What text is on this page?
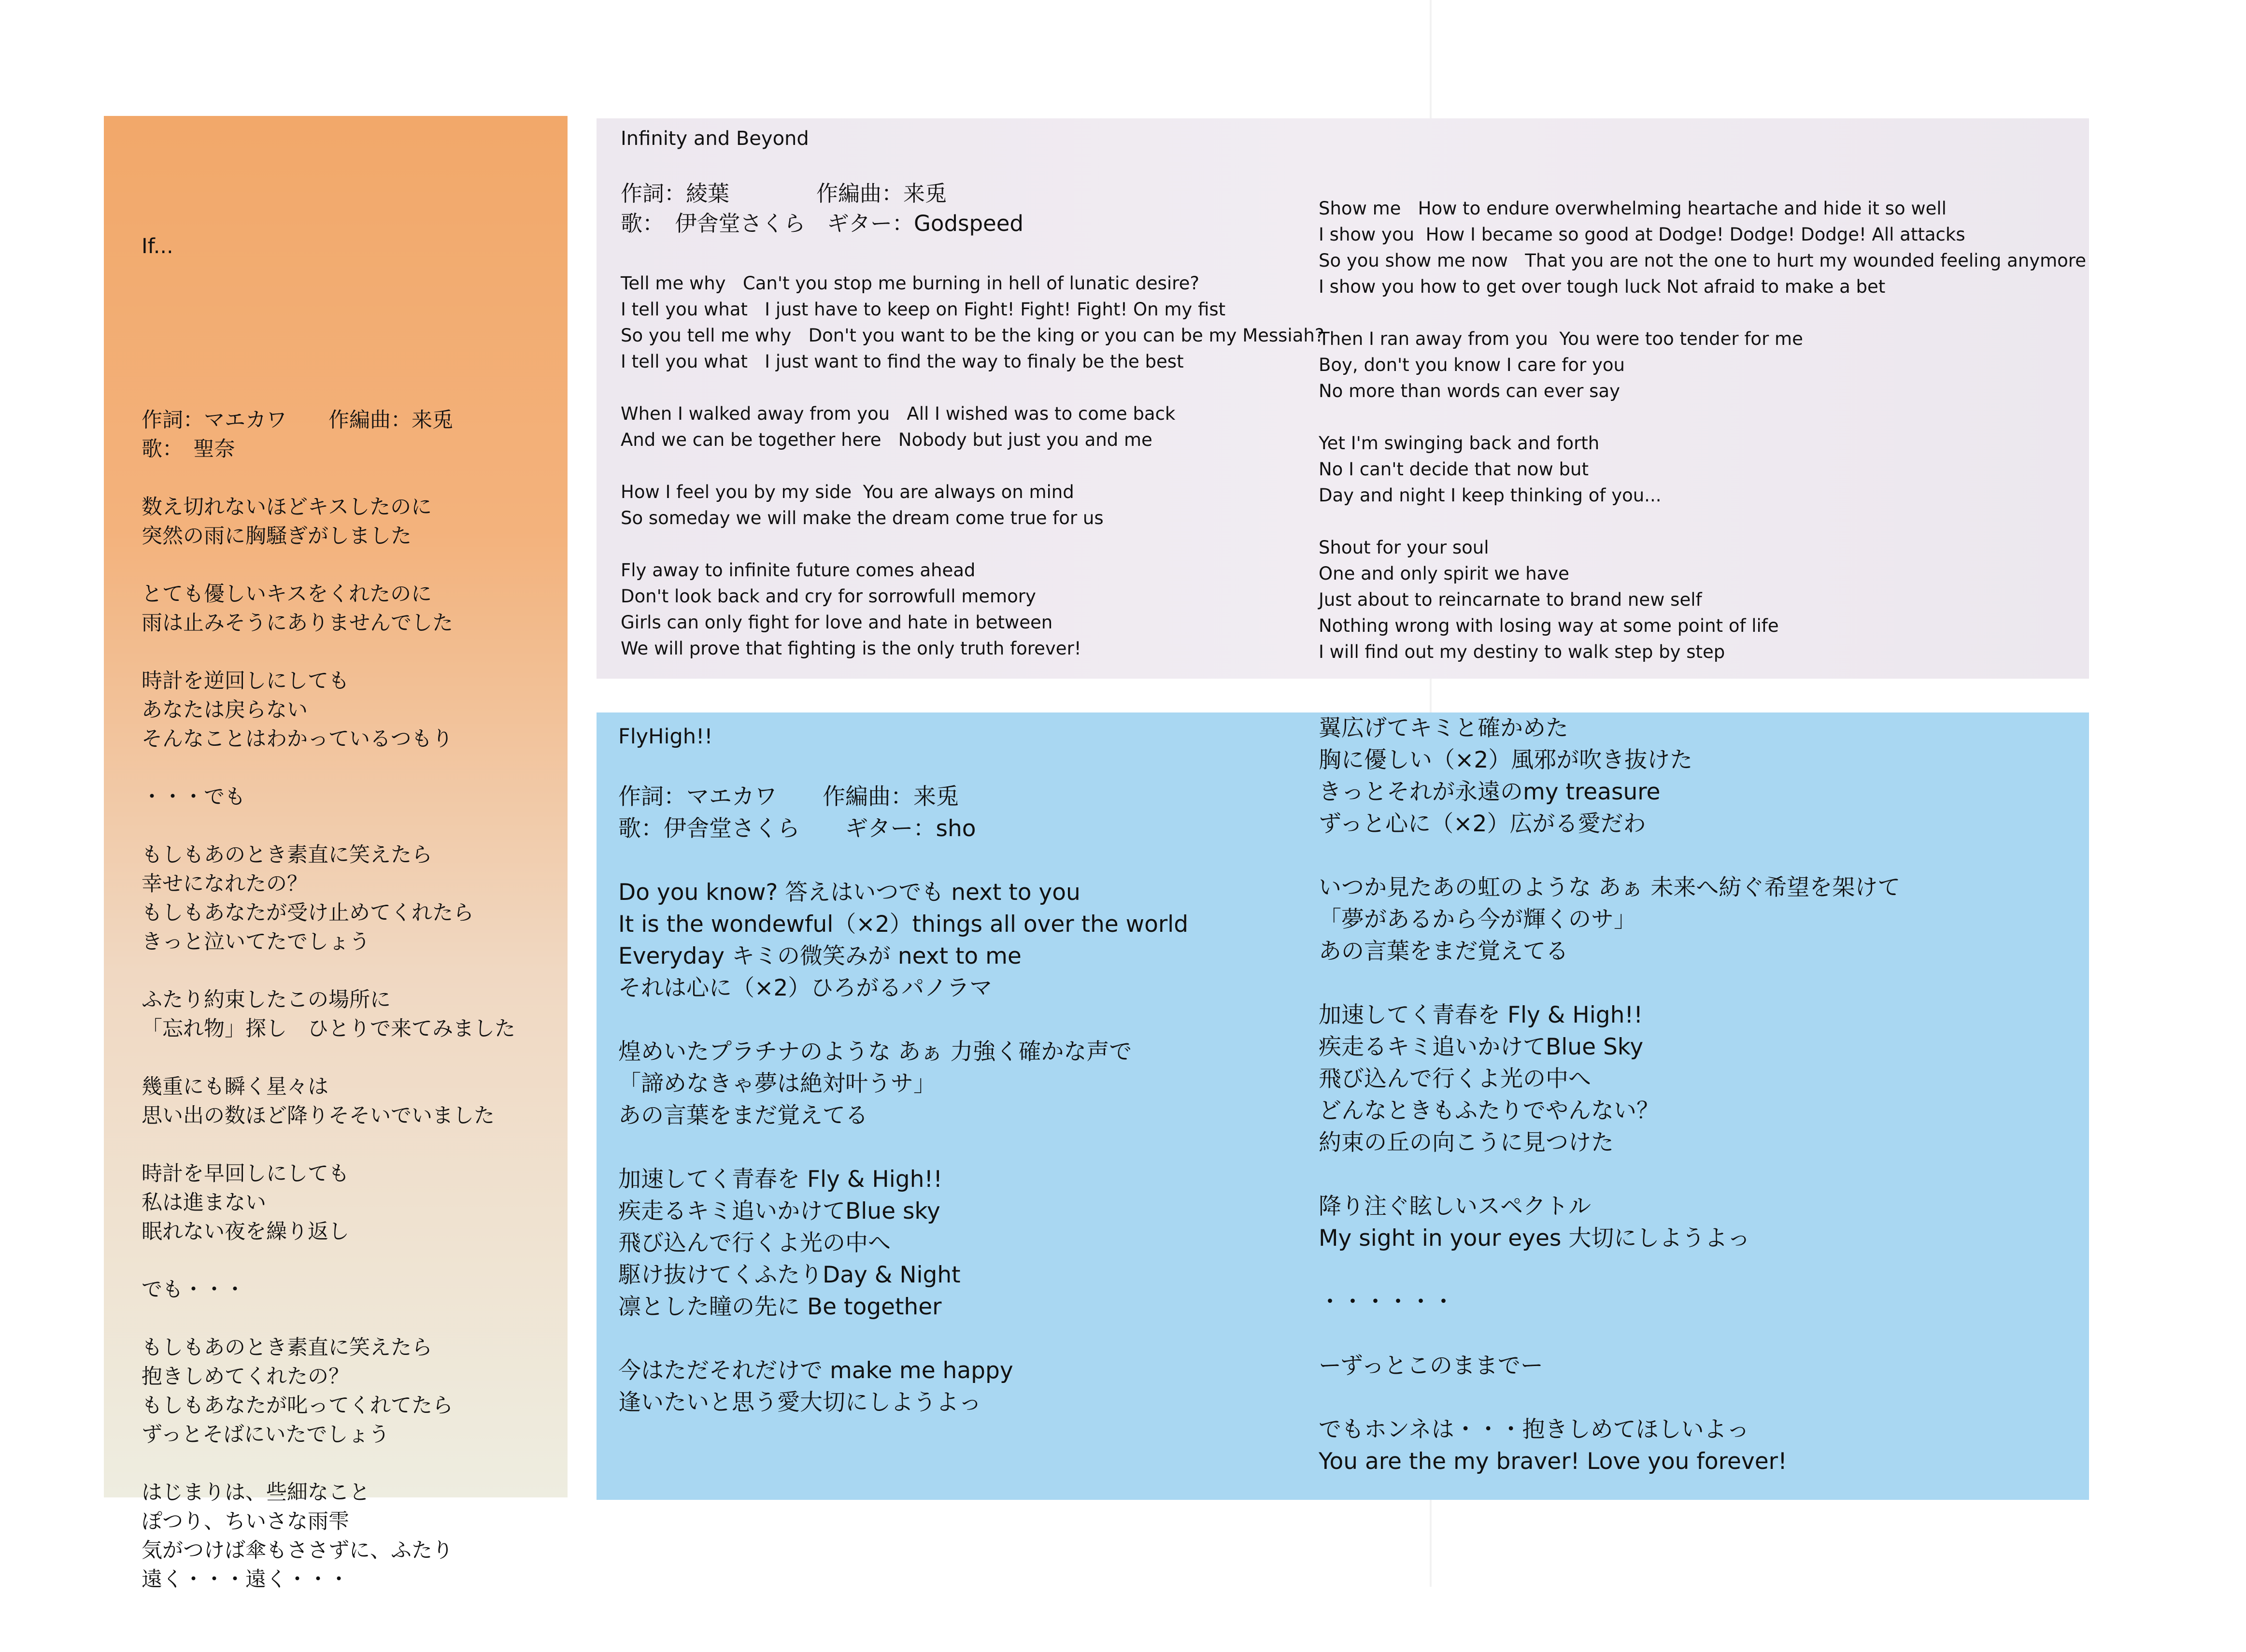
If...

作詞：マエカワ　　作編曲：来兎
歌：　聖奈

数え切れないほどキスしたのに
突然の雨に胸騒ぎがしました

とても優しいキスをくれたのに
雨は止みそうにありませんでした

時計を逆回しにしても
あなたは戻らない
そんなことはわかっているつもり

・・・でも

もしもあのとき素直に笑えたら
幸せになれたの？
もしもあなたが受け止めてくれたら
きっと泣いてたでしょう

ふたり約束したこの場所に
「忘れ物」探し　ひとりで来てみました

幾重にも瞬く星々は
思い出の数ほど降りそそいでいました

時計を早回しにしても
私は進まない
眠れない夜を繰り返し

でも・・・

もしもあのとき素直に笑えたら
抱きしめてくれたの？
もしもあなたが叱ってくれてたら
ずっとそばにいたでしょう

はじまりは、些細なこと
ぽつり、ちいさな雨雫
気がつけば傘もささずに、ふたり
遠く・・・遠く・・・

Infinity and Beyond
作詞：綾葉　　　　作編曲：来兎
歌：　伊舎堂さくら　ギター：Godspeed
Tell me why   Can't you stop me burning in hell of lunatic desire?
I tell you what   I just have to keep on Fight! Fight! Fight! On my fist
So you tell me why   Don't you want to be the king or you can be my Messiah?
I tell you what   I just want to find the way to finaly be the best

When I walked away from you   All I wished was to come back
And we can be together here   Nobody but just you and me

How I feel you by my side  You are always on mind
So someday we will make the dream come true for us

Fly away to infinite future comes ahead
Don't look back and cry for sorrowfull memory
Girls can only fight for love and hate in between
We will prove that fighting is the only truth forever!
Show me   How to endure overwhelming heartache and hide it so well
I show you  How I became so good at Dodge! Dodge! Dodge! All attacks
So you show me now   That you are not the one to hurt my wounded feeling anymore
I show you how to get over tough luck Not afraid to make a bet

Then I ran away from you  You were too tender for me
Boy, don't you know I care for you
No more than words can ever say

Yet I'm swinging back and forth
No I can't decide that now but
Day and night I keep thinking of you...

Shout for your soul
One and only spirit we have
Just about to reincarnate to brand new self
Nothing wrong with losing way at some point of life
I will find out my destiny to walk step by step
FlyHigh!!
作詞：マエカワ　　作編曲：来兎
歌：伊舎堂さくら　　ギター：sho
Do you know? 答えはいつでも next to you
It is the wondewful（×2）things all over the world
Everyday キミの微笑みが next to me
それは心に（×2）ひろがるパノラマ

煌めいたプラチナのような あぁ 力強く確かな声で
「諦めなきゃ夢は絶対叶うサ」
あの言葉をまだ覚えてる

加速してく青春を Fly & High!!
疾走るキミ追いかけてBlue sky
飛び込んで行くよ光の中へ
駆け抜けてくふたりDay & Night
凛とした瞳の先に Be together

今はただそれだけで make me happy
逢いたいと思う愛大切にしようよっ
翼広げてキミと確かめた
胸に優しい（×2）風邪が吹き抜けた
きっとそれが永遠のmy treasure
ずっと心に（×2）広がる愛だわ

いつか見たあの虹のような あぁ 未来へ紡ぐ希望を架けて
「夢があるから今が輝くのサ」
あの言葉をまだ覚えてる

加速してく青春を Fly & High!!
疾走るキミ追いかけてBlue Sky
飛び込んで行くよ光の中へ
どんなときもふたりでやんない？
約束の丘の向こうに見つけた

降り注ぐ眩しいスペクトル
My sight in your eyes 大切にしようよっ

・・・・・・

ーずっとこのままでー

でもホンネは・・・抱きしめてほしいよっ
You are the my braver! Love you forever!
